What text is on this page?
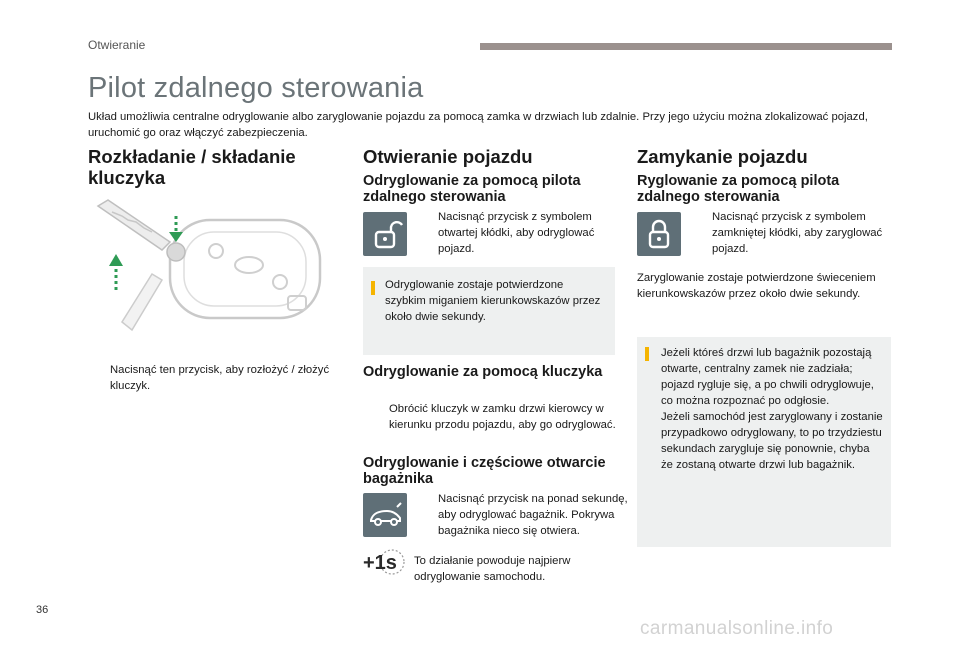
Otwieranie
Pilot zdalnego sterowania
Układ umożliwia centralne odryglowanie albo zaryglowanie pojazdu za pomocą zamka w drzwiach lub zdalnie. Przy jego użyciu można zlokalizować pojazd, uruchomić go oraz włączyć zabezpieczenia.
Rozkładanie / składanie kluczyka
Nacisnąć ten przycisk, aby rozłożyć / złożyć kluczyk.
Otwieranie pojazdu
Odryglowanie za pomocą pilota zdalnego sterowania
Nacisnąć przycisk z symbolem otwartej kłódki, aby odryglować pojazd.
Odryglowanie zostaje potwierdzone szybkim miganiem kierunkowskazów przez około dwie sekundy.
Odryglowanie za pomocą kluczyka
Obrócić kluczyk w zamku drzwi kierowcy w kierunku przodu pojazdu, aby go odryglować.
Odryglowanie i częściowe otwarcie bagażnika
Nacisnąć przycisk na ponad sekundę, aby odryglować bagażnik. Pokrywa bagażnika nieco się otwiera.
+1s To działanie powoduje najpierw odryglowanie samochodu.
Zamykanie pojazdu
Ryglowanie za pomocą pilota zdalnego sterowania
Nacisnąć przycisk z symbolem zamkniętej kłódki, aby zaryglować pojazd.
Zaryglowanie zostaje potwierdzone świeceniem kierunkowskazów przez około dwie sekundy.
Jeżeli któreś drzwi lub bagażnik pozostają otwarte, centralny zamek nie zadziała; pojazd rygluje się, a po chwili odryglowuje, co można rozpoznać po odgłosie.
Jeżeli samochód jest zaryglowany i zostanie przypadkowo odryglowany, to po trzydziestu sekundach zarygluje się ponownie, chyba że zostaną otwarte drzwi lub bagażnik.
36
carmanualsonline.info
